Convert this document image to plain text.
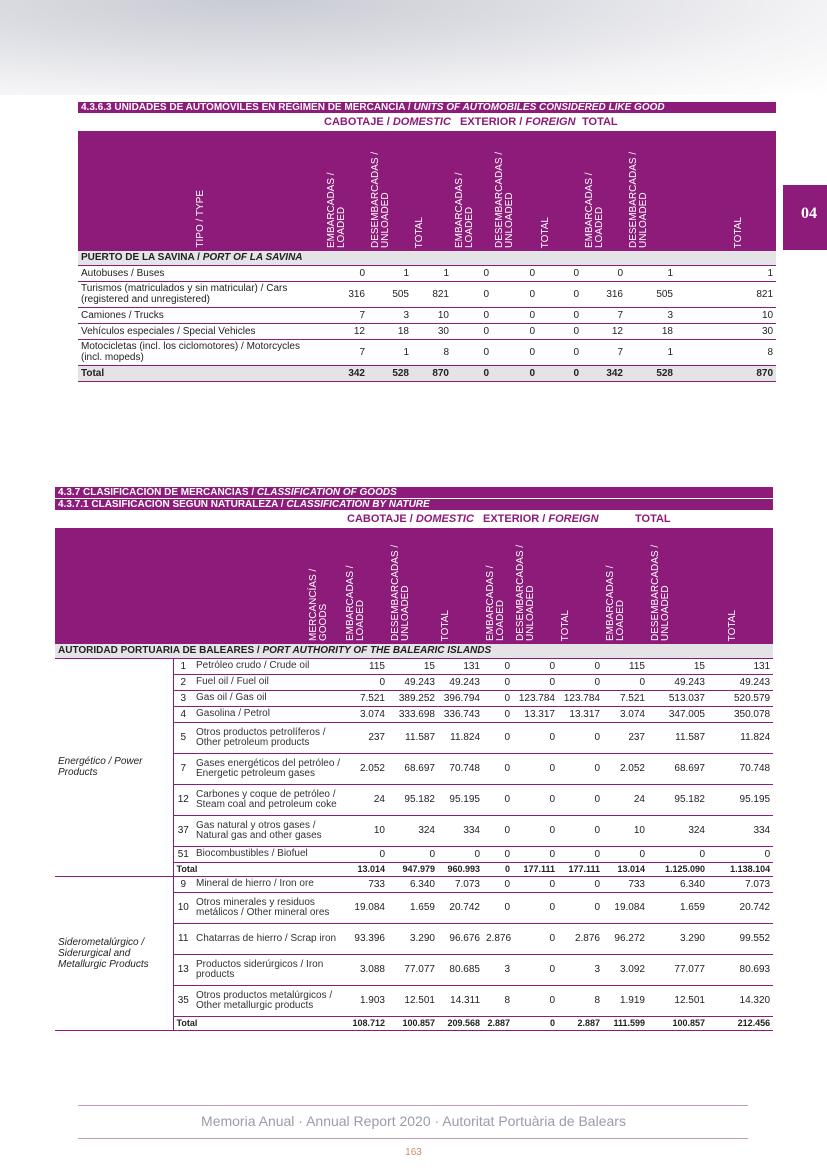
04
4.3.6.3 UNIDADES DE AUTOMÓVILES EN RÉGIMEN DE MERCANCÍA / UNITS OF AUTOMOBILES CONSIDERED LIKE GOOD									
	CABOTAJE / DOMESTIC			EXTERIOR / FOREIGN			TOTAL		
TIPO / TYPE	EMBARCADAS / LOADED	DESEMBARCADAS / UNLOADED	TOTAL	EMBARCADAS / LOADED	DESEMBARCADAS / UNLOADED	TOTAL	EMBARCADAS / LOADED	DESEMBARCADAS / UNLOADED	TOTAL
PUERTO DE LA SAVINA / PORT OF LA SAVINA									
Autobuses / Buses	0	1	1	0	0	0	0	1	1
Turismos (matriculados y sin matricular) / Cars (registered and unregistered)	316	505	821	0	0	0	316	505	821
Camiones / Trucks	7	3	10	0	0	0	7	3	10
Vehículos especiales / Special Vehicles	12	18	30	0	0	0	12	18	30
Motocicletas (incl. los ciclomotores) / Motorcycles (incl. mopeds)	7	1	8	0	0	0	7	1	8
Total	342	528	870	0	0	0	342	528	870
4.3.7 CLASIFICACIÓN DE MERCANCÍAS / CLASSIFICATION OF GOODS											
4.3.7.1 CLASIFICACIÓN SEGÚN NATURALEZA / CLASSIFICATION BY NATURE											
			CABOTAJE / DOMESTIC			EXTERIOR / FOREIGN			TOTAL		
MERCANCÍAS / GOODS			EMBARCADAS / LOADED	DESEMBARCADAS / UNLOADED	TOTAL	EMBARCADAS / LOADED	DESEMBARCADAS / UNLOADED	TOTAL	EMBARCADAS / LOADED	DESEMBARCADAS / UNLOADED	TOTAL
AUTORIDAD PORTUARIA DE BALEARES / PORT AUTHORITY OF THE BALEARIC ISLANDS											
Energético / Power Products	1	Petróleo crudo / Crude oil	115	15	131	0	0	0	115	15	131
	2	Fuel oil / Fuel oil	0	49.243	49.243	0	0	0	0	49.243	49.243
	3	Gas oil / Gas oil	7.521	389.252	396.794	0	123.784	123.784	7.521	513.037	520.579
	4	Gasolina / Petrol	3.074	333.698	336.743	0	13.317	13.317	3.074	347.005	350.078
	5	Otros productos petrolíferos / Other petroleum products	237	11.587	11.824	0	0	0	237	11.587	11.824
	7	Gases energéticos del petróleo / Energetic petroleum gases	2.052	68.697	70.748	0	0	0	2.052	68.697	70.748
	12	Carbones y coque de petróleo / Steam coal and petroleum coke	24	95.182	95.195	0	0	0	24	95.182	95.195
	37	Gas natural y otros gases / Natural gas and other gases	10	324	334	0	0	0	10	324	334
	51	Biocombustibles / Biofuel	0	0	0	0	0	0	0	0	0
	Total		13.014	947.979	960.993	0	177.111	177.111	13.014	1.125.090	1.138.104
Siderometalúrgico / Siderurgical and Metallurgic Products	9	Mineral de hierro / Iron ore	733	6.340	7.073	0	0	0	733	6.340	7.073
	10	Otros minerales y residuos metálicos / Other mineral ores	19.084	1.659	20.742	0	0	0	19.084	1.659	20.742
	11	Chatarras de hierro / Scrap iron	93.396	3.290	96.676	2.876	0	2.876	96.272	3.290	99.552
	13	Productos siderúrgicos / Iron products	3.088	77.077	80.685	3	0	3	3.092	77.077	80.693
	35	Otros productos metalúrgicos / Other metallurgic products	1.903	12.501	14.311	8	0	8	1.919	12.501	14.320
	Total		108.712	100.857	209.568	2.887	0	2.887	111.599	100.857	212.456
Memoria Anual · Annual Report 2020 · Autoritat Portuària de Balears
163
